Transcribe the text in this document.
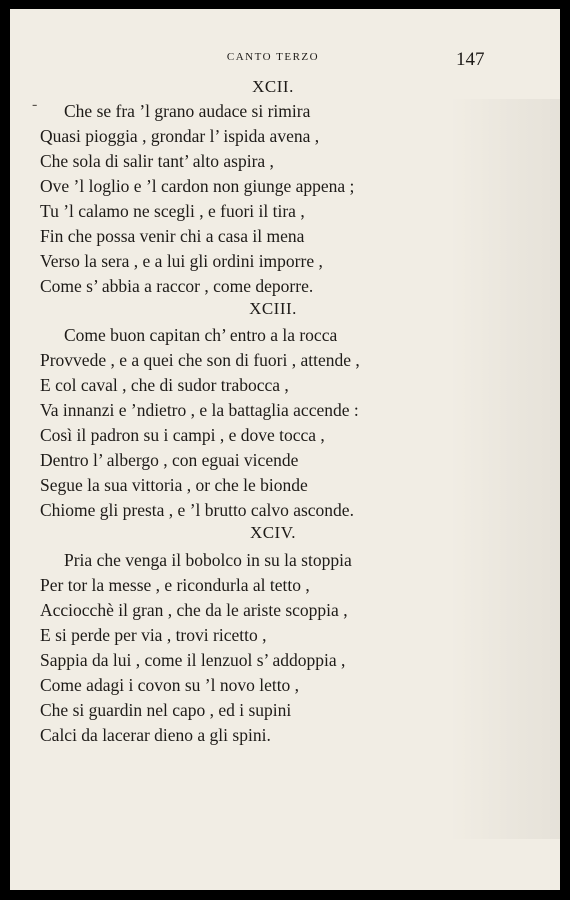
CANTO TERZO	147
-
XCII.
Che se fra ’l grano audace si rimira
Quasi pioggia , grondar l’ ispida avena ,
Che sola di salir tant’ alto aspira ,
Ove ’l loglio e ’l cardon non giunge appena ;
Tu ’l calamo ne scegli , e fuori il tira ,
Fin che possa venir chi a casa il mena
Verso la sera , e a lui gli ordini imporre ,
Come s’ abbia a raccor , come deporre.
XCIII.
Come buon capitan ch’ entro a la rocca
Provvede , e a quei che son di fuori , attende ,
E col caval , che di sudor trabocca ,
Va innanzi e ’ndietro , e la battaglia accende :
Così il padron su i campi , e dove tocca ,
Dentro l’ albergo , con eguai vicende
Segue la sua vittoria , or che le bionde
Chiome gli presta , e ’l brutto calvo asconde.
XCIV.
Pria che venga il bobolco in su la stoppia
Per tor la messe , e ricondurla al tetto ,
Acciocchè il gran , che da le ariste scoppia ,
E si perde per via , trovi ricetto ,
Sappia da lui , come il lenzuol s’ addoppia ,
Come adagi i covon su ’l novo letto ,
Che si guardin nel capo , ed i supini
Calci da lacerar dieno a gli spini.
